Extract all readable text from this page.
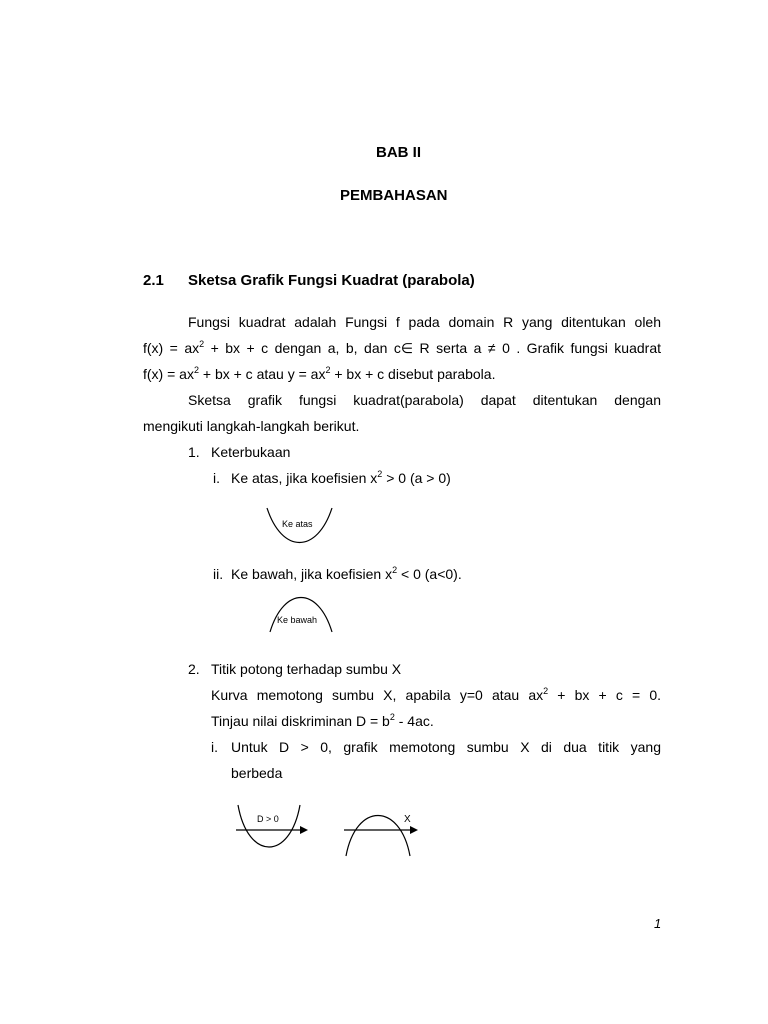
BAB II
PEMBAHASAN
2.1 Sketsa Grafik Fungsi Kuadrat (parabola)
Fungsi kuadrat adalah Fungsi f pada domain R yang ditentukan oleh
$f(x) = ax^2$ + bx + c dengan a, b, dan c∈ R serta a ≠ 0 . Grafik fungsi kuadrat
$f(x) = ax^2$ + bx + c atau $y = ax^2$ + bx + c disebut parabola.
Sketsa grafik fungsi kuadrat(parabola) dapat ditentukan dengan
mengikuti langkah-langkah berikut.
1. Keterbukaan
i. Ke atas, jika koefisien $x^2 > 0$ (a > 0)
Ke atas
ii. Ke bawah, jika koefisien $x^2 < 0$ (a<0).
Ke bawah
2. Titik potong terhadap sumbu X
Kurva memotong sumbu X, apabila y=0 atau $ax^2$ + bx + c = 0.
Tinjau nilai diskriminan $D = b^2 - 4ac$.
i. Untuk D > 0, grafik memotong sumbu X di dua titik yang
berbeda
D > 0	X
1
